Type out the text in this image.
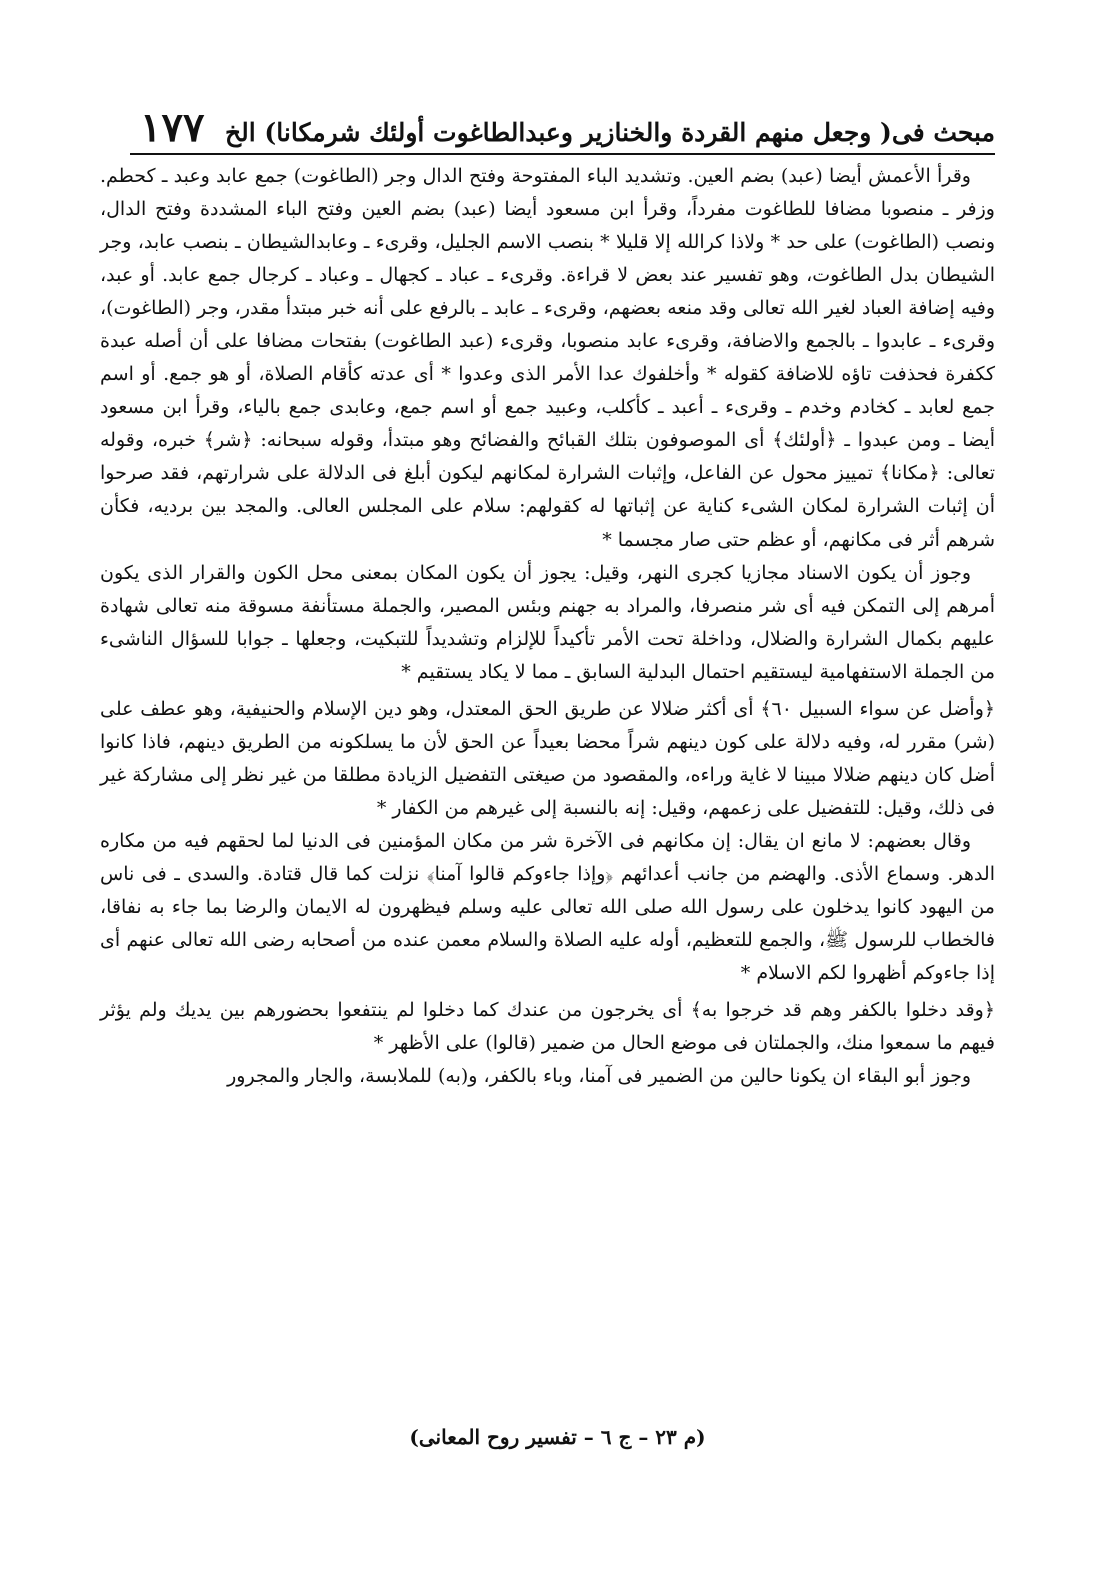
مبحث فى( وجعل منهم القردة والخنازير وعبدالطاغوت أولئك شرمكانا) الخ
١٧٧

وقرأ الأعمش أيضا (عبد) بضم العين. وتشديد الباء المفتوحة وفتح الدال وجر (الطاغوت) جمع عابد وعبد ـ كحطم. وزفر ـ منصوبا مضافا للطاغوت مفرداً، وقرأ ابن مسعود أيضا (عبد) بضم العين وفتح الباء المشددة وفتح الدال، ونصب (الطاغوت) على حد * ولاذا كرالله إلا قليلا * بنصب الاسم الجليل، وقرىء ـ وعابدالشيطان ـ بنصب عابد، وجر الشيطان بدل الطاغوت، وهو تفسير عند بعض لا قراءة. وقرىء ـ عباد ـ كجهال ـ وعباد ـ كرجال جمع عابد. أو عبد، وفيه إضافة العباد لغير الله تعالى وقد منعه بعضهم، وقرىء ـ عابد ـ بالرفع على أنه خبر مبتدأ مقدر، وجر (الطاغوت)، وقرىء ـ عابدوا ـ بالجمع والاضافة، وقرىء عابد منصوبا، وقرىء (عبد الطاغوت) بفتحات مضافا على أن أصله عبدة ككفرة فحذفت تاؤه للاضافة كقوله * وأخلفوك عدا الأمر الذى وعدوا * أى عدته كأقام الصلاة، أو هو جمع. أو اسم جمع لعابد ـ كخادم وخدم ـ وقرىء ـ أعبد ـ كأكلب، وعبيد جمع أو اسم جمع، وعابدى جمع بالياء، وقرأ ابن مسعود أيضا ـ ومن عبدوا ـ ﴿أولئك﴾ أى الموصوفون بتلك القبائح والفضائح وهو مبتدأ، وقوله سبحانه: ﴿شر﴾ خبره، وقوله تعالى: ﴿مكانا﴾ تمييز محول عن الفاعل، وإثبات الشرارة لمكانهم ليكون أبلغ فى الدلالة على شرارتهم، فقد صرحوا أن إثبات الشرارة لمكان الشىء كناية عن إثباتها له كقولهم: سلام على المجلس العالى. والمجد بين برديه، فكأن شرهم أثر فى مكانهم، أو عظم حتى صار مجسما *

وجوز أن يكون الاسناد مجازيا كجرى النهر، وقيل: يجوز أن يكون المكان بمعنى محل الكون والقرار الذى يكون أمرهم إلى التمكن فيه أى شر منصرفا، والمراد به جهنم وبئس المصير، والجملة مستأنفة مسوقة منه تعالى شهادة عليهم بكمال الشرارة والضلال، وداخلة تحت الأمر تأكيداً للإلزام وتشديداً للتبكيت، وجعلها ـ جوابا للسؤال الناشىء من الجملة الاستفهامية ليستقيم احتمال البدلية السابق ـ مما لا يكاد يستقيم *

﴿وأضل عن سواء السبيل ٦٠﴾ أى أكثر ضلالا عن طريق الحق المعتدل، وهو دين الإسلام والحنيفية، وهو عطف على (شر) مقرر له، وفيه دلالة على كون دينهم شراً محضا بعيداً عن الحق لأن ما يسلكونه من الطريق دينهم، فاذا كانوا أضل كان دينهم ضلالا مبينا لا غاية وراءه، والمقصود من صيغتى التفضيل الزيادة مطلقا من غير نظر إلى مشاركة غير فى ذلك، وقيل: للتفضيل على زعمهم، وقيل: إنه بالنسبة إلى غيرهم من الكفار *

وقال بعضهم: لا مانع ان يقال: إن مكانهم فى الآخرة شر من مكان المؤمنين فى الدنيا لما لحقهم فيه من مكاره الدهر. وسماع الأذى. والهضم من جانب أعدائهم ﴿وإذا جاءوكم قالوا آمنا﴾ نزلت كما قال قتادة. والسدى ـ فى ناس من اليهود كانوا يدخلون على رسول الله صلى الله تعالى عليه وسلم فيظهرون له الايمان والرضا بما جاء به نفاقا، فالخطاب للرسول ﷺ، والجمع للتعظيم، أوله عليه الصلاة والسلام معمن عنده من أصحابه رضى الله تعالى عنهم أى إذا جاءوكم أظهروا لكم الاسلام *

﴿وقد دخلوا بالكفر وهم قد خرجوا به﴾ أى يخرجون من عندك كما دخلوا لم ينتفعوا بحضورهم بين يديك ولم يؤثر فيهم ما سمعوا منك، والجملتان فى موضع الحال من ضمير (قالوا) على الأظهر *

وجوز أبو البقاء ان يكونا حالين من الضمير فى آمنا، وباء بالكفر، و(به) للملابسة، والجار والمجرور

(م ٢٣ – ج ٦ – تفسير روح المعانى)
